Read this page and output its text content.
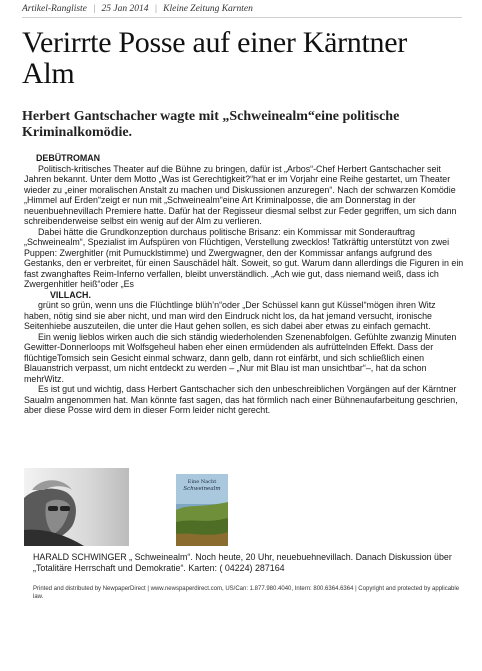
Artikel-Rangliste | 25 Jan 2014 | Kleine Zeitung Karnten
Verirrte Posse auf einer Kärntner Alm
Herbert Gantschacher wagte mit „Schweinealm“eine politische Kriminalkomödie.

DEBÜTROMAN

Politisch-kritisches Theater auf die Bühne zu bringen, dafür ist „Arbos“-Chef Herbert Gantschacher seit Jahren bekannt. Unter dem Motto „Was ist Gerechtigkeit?“hat er im Vorjahr eine Reihe gestartet, um Theater wieder zu „einer moralischen Anstalt zu machen und Diskussionen anzuregen“. Nach der schwarzen Komödie „Himmel auf Erden“zeigt er nun mit „Schweinealm“eine Art Kriminalposse, die am Donnerstag in der neuenbuehnevillach Premiere hatte. Dafür hat der Regisseur diesmal selbst zur Feder gegriffen, um sich dann schreibenderweise selbst ein wenig auf der Alm zu verlieren.

Dabei hätte die Grundkonzeption durchaus politische Brisanz: ein Kommissar mit Sonderauftrag „Schweinealm“, Spezialist im Aufspüren von Flüchtigen, Verstellung zwecklos! Tatkräftig unterstützt von zwei Puppen: Zwerghitler (mit Pumucklstimme) und Zwergwagner, den der Kommissar anfangs aufgrund des Gestanks, den er verbreitet, für einen Sauschädel hält. Soweit, so gut. Warum dann allerdings die Figuren in ein fast zwanghaftes Reim-Inferno verfallen, bleibt unverständlich. „Ach wie gut, dass niemand weiß, dass ich Zwergenhitler heiß“oder „Es

VILLACH.

grünt so grün, wenn uns die Flüchtlinge blüh’n“oder „Der Schüssel kann gut Küssel“mögen ihren Witz haben, nötig sind sie aber nicht, und man wird den Eindruck nicht los, da hat jemand versucht, ironische Seitenhiebe auszuteilen, die unter die Haut gehen sollen, es sich dabei aber etwas zu einfach gemacht.

Ein wenig lieblos wirken auch die sich ständig wiederholenden Szenenabfolgen. Gefühlte zwanzig Minuten Gewitter-Donnerloops mit Wolfsgeheul haben eher einen ermüdenden als aufrüttelnden Effekt. Dass der flüchtigeTomsich sein Gesicht einmal schwarz, dann gelb, dann rot einfärbt, und sich schließlich einen Blauanstrich verpasst, um nicht entdeckt zu werden – „Nur mit Blau ist man unsichtbar“–, hat da schon mehrWitz.

Es ist gut und wichtig, dass Herbert Gantschacher sich den unbeschreiblichen Vorgängen auf der Kärntner Saualm angenommen hat. Man könnte fast sagen, das hat förmlich nach einer Bühnenaufarbeitung geschrien, aber diese Posse wird dem in dieser Form leider nicht gerecht.

Eine Nacht
Schweinealm
HARALD SCHWINGER „ Schweinealm“. Noch heute, 20 Uhr, neuebuehnevillach. Danach Diskussion über „Totalitäre Herrschaft und Demokratie“. Karten: ( 04224) 287164
Printed and distributed by NewpaperDirect | www.newspaperdirect.com, US/Can: 1.877.980.4040, Intern: 800.6364.6364 | Copyright and protected by applicable law.
